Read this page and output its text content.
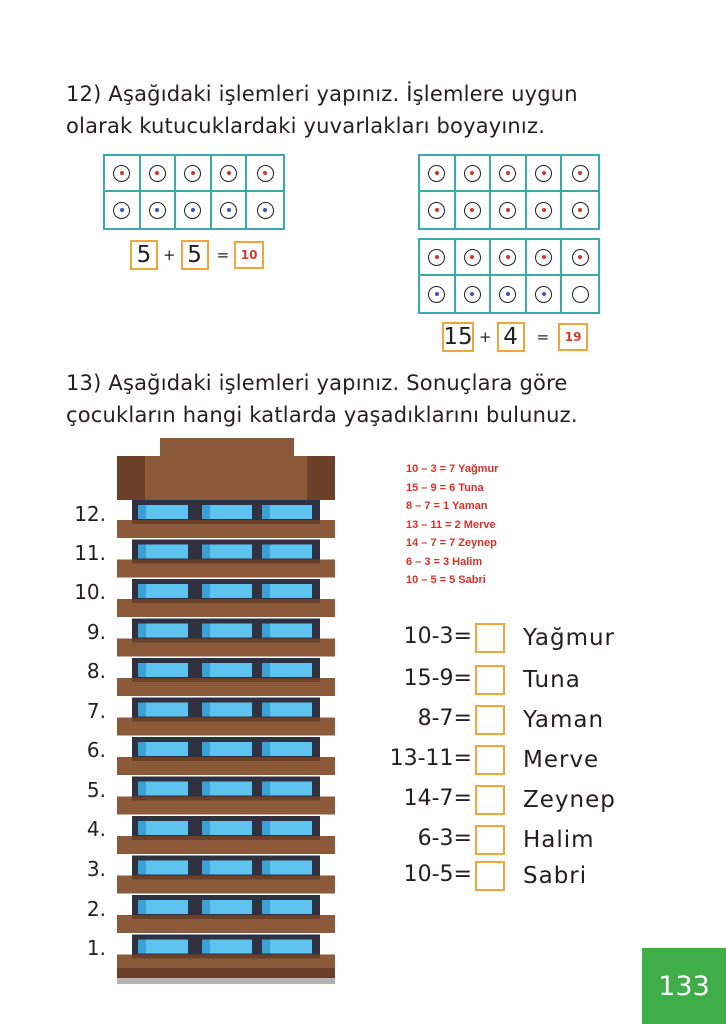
12) Aşağıdaki işlemleri yapınız. İşlemlere uygun
olarak kutucuklardaki yuvarlakları boyayınız.
5 + 5 = 10
15 + 4	=	19
13) Aşağıdaki işlemleri yapınız. Sonuçlara göre
çocukların hangi katlarda yaşadıklarını bulunuz.
12.
11.
10.
9.
8.
7.
6.
5.
4.
3.
2.
1.
10 – 3 = 7 Yağmur
15 – 9 = 6 Tuna
8 – 7 = 1 Yaman
13 – 11 = 2 Merve
14 – 7 = 7 Zeynep
6 – 3 = 3 Halim
10 – 5 = 5 Sabri
10-3= Yağmur
15-9= Tuna
8-7= Yaman
13-11= Merve
14-7= Zeynep
6-3= Halim
10-5= Sabri
133
